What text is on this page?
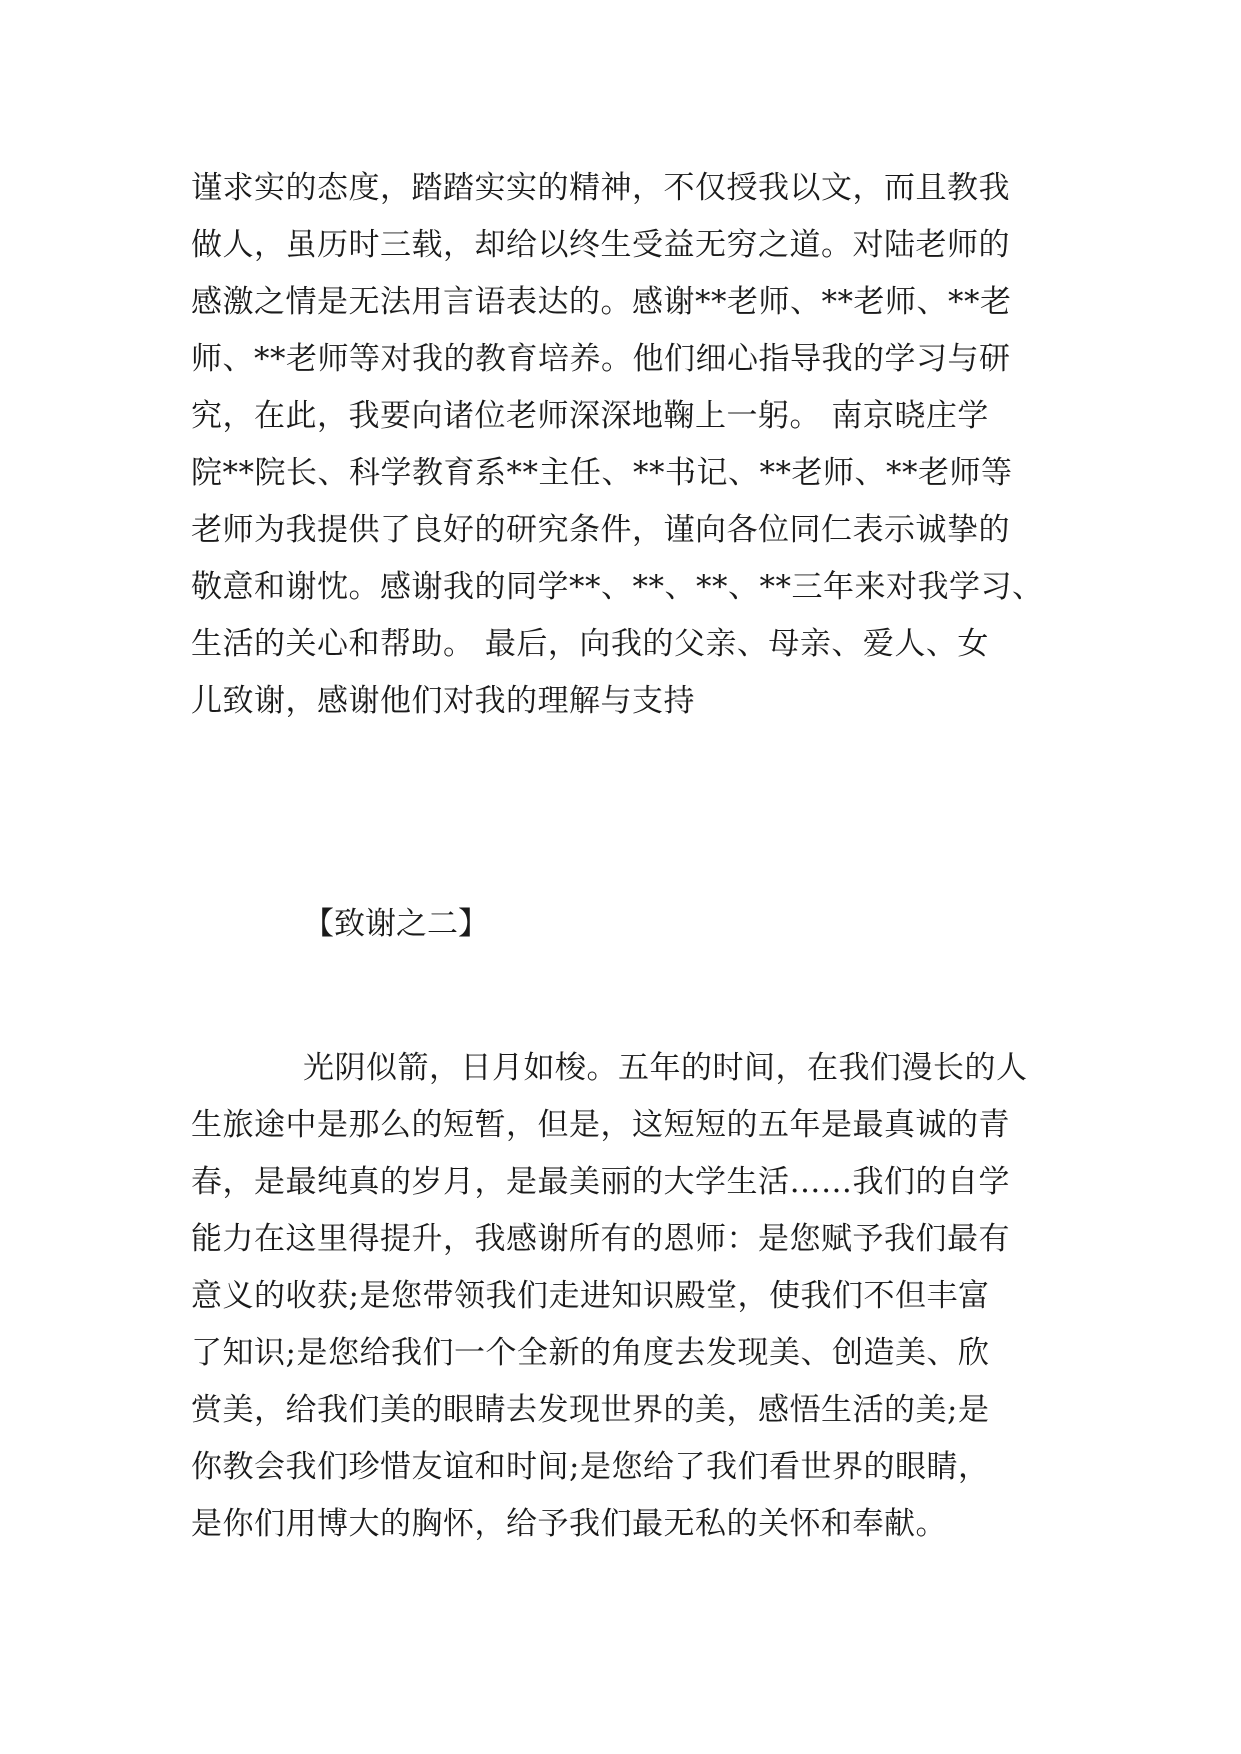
谨求实的态度，踏踏实实的精神，不仅授我以文，而且教我
做人，虽历时三载，却给以终生受益无穷之道。对陆老师的
感激之情是无法用言语表达的。感谢**老师、**老师、**老
师、**老师等对我的教育培养。他们细心指导我的学习与研
究，在此，我要向诸位老师深深地鞠上一躬。 南京晓庄学
院**院长、科学教育系**主任、**书记、**老师、**老师等
老师为我提供了良好的研究条件，谨向各位同仁表示诚挚的
敬意和谢忱。感谢我的同学**、**、**、**三年来对我学习、
生活的关心和帮助。 最后，向我的父亲、母亲、爱人、女
儿致谢，感谢他们对我的理解与支持
【致谢之二】
光阴似箭，日月如梭。五年的时间，在我们漫长的人
生旅途中是那么的短暂，但是，这短短的五年是最真诚的青
春，是最纯真的岁月，是最美丽的大学生活……我们的自学
能力在这里得提升，我感谢所有的恩师：是您赋予我们最有
意义的收获;是您带领我们走进知识殿堂，使我们不但丰富
了知识;是您给我们一个全新的角度去发现美、创造美、欣
赏美，给我们美的眼睛去发现世界的美，感悟生活的美;是
你教会我们珍惜友谊和时间;是您给了我们看世界的眼睛，
是你们用博大的胸怀，给予我们最无私的关怀和奉献。
